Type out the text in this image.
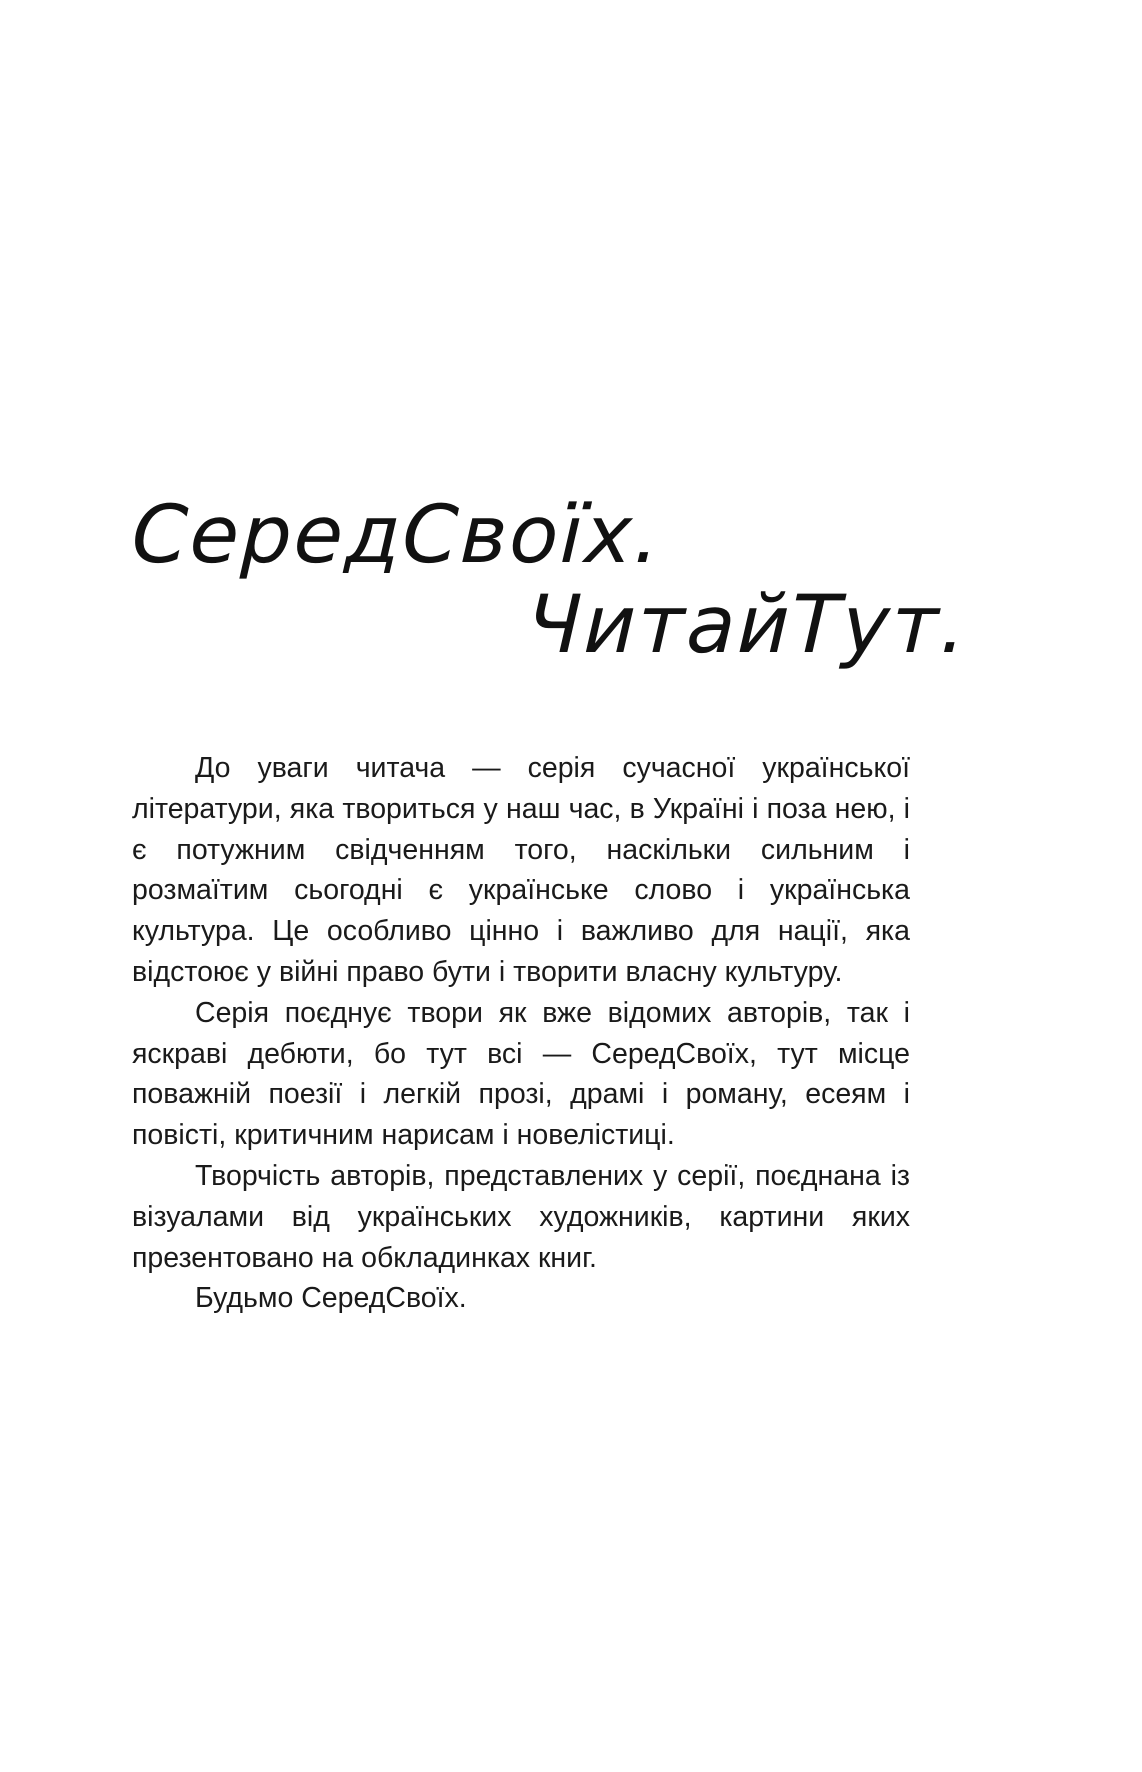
СередСвоїх.
ЧитайТут.

До уваги читача — серія сучасної української літератури, яка твориться у наш час, в Україні і поза нею, і є потужним свідченням того, наскільки сильним і розмаїтим сьогодні є українське слово і українська культура. Це особливо цінно і важливо для нації, яка відстоює у війні право бути і творити власну культуру.

Серія поєднує твори як вже відомих авторів, так і яскраві дебюти, бо тут всі — СередСвоїх, тут місце поважній поезії і легкій прозі, драмі і роману, есеям і повісті, критичним нарисам і новелістиці.

Творчість авторів, представлених у серії, поєднана із візуалами від українських художників, картини яких презентовано на обкладинках книг.

Будьмо СередСвоїх.
